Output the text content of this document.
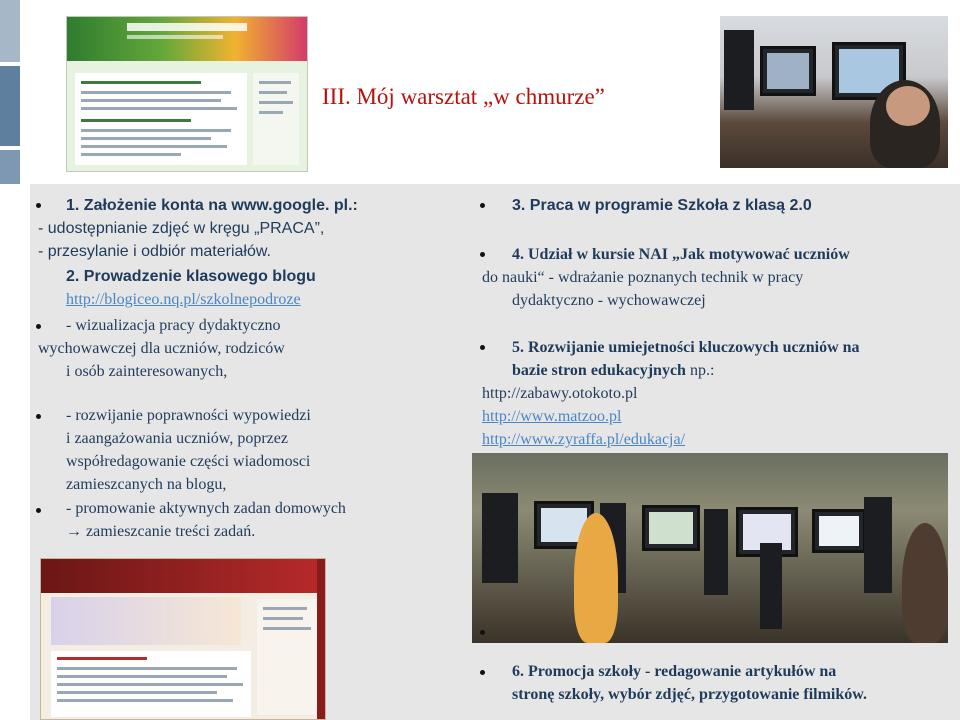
III. Mój warsztat „w chmurze”
1. Założenie konta na www.google. pl.:
- udostępnianie zdjęć w kręgu „PRACA”,
- przesylanie i odbiór materiałów.
2. Prowadzenie klasowego blogu
http://blogiceo.nq.pl/szkolnepodroze
- wizualizacja pracy dydaktyczno
wychowawczej dla uczniów, rodziców
i osób zainteresowanych,
- rozwijanie poprawności wypowiedzi
i zaangażowania uczniów, poprzez
współredagowanie części wiadomosci
zamieszcanych na blogu,
- promowanie aktywnych zadan domowych
→ zamieszcanie treści zadań.
3. Praca w programie Szkoła z klasą 2.0
4. Udział w kursie NAI „Jak motywować uczniów
do nauki“ - wdrażanie poznanych technik w pracy
dydaktyczno - wychowawczej
5. Rozwijanie umiejetności kluczowych uczniów na
bazie stron edukacyjnych np.:
http://zabawy.otokoto.pl
http://www.matzoo.pl
http://www.zyraffa.pl/edukacja/
6. Promocja szkoły - redagowanie artykułów na
stronę szkoły, wybór zdjęć, przygotowanie filmików.
